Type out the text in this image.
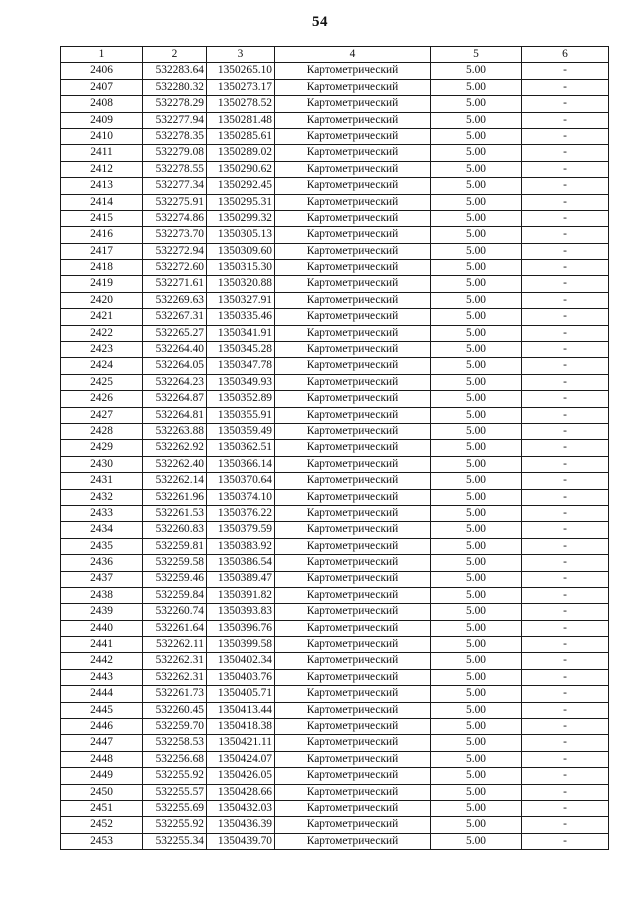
54
1	2	3	4	5	6
2406	532283.64	1350265.10	Картометрический	5.00	-
2407	532280.32	1350273.17	Картометрический	5.00	-
2408	532278.29	1350278.52	Картометрический	5.00	-
2409	532277.94	1350281.48	Картометрический	5.00	-
2410	532278.35	1350285.61	Картометрический	5.00	-
2411	532279.08	1350289.02	Картометрический	5.00	-
2412	532278.55	1350290.62	Картометрический	5.00	-
2413	532277.34	1350292.45	Картометрический	5.00	-
2414	532275.91	1350295.31	Картометрический	5.00	-
2415	532274.86	1350299.32	Картометрический	5.00	-
2416	532273.70	1350305.13	Картометрический	5.00	-
2417	532272.94	1350309.60	Картометрический	5.00	-
2418	532272.60	1350315.30	Картометрический	5.00	-
2419	532271.61	1350320.88	Картометрический	5.00	-
2420	532269.63	1350327.91	Картометрический	5.00	-
2421	532267.31	1350335.46	Картометрический	5.00	-
2422	532265.27	1350341.91	Картометрический	5.00	-
2423	532264.40	1350345.28	Картометрический	5.00	-
2424	532264.05	1350347.78	Картометрический	5.00	-
2425	532264.23	1350349.93	Картометрический	5.00	-
2426	532264.87	1350352.89	Картометрический	5.00	-
2427	532264.81	1350355.91	Картометрический	5.00	-
2428	532263.88	1350359.49	Картометрический	5.00	-
2429	532262.92	1350362.51	Картометрический	5.00	-
2430	532262.40	1350366.14	Картометрический	5.00	-
2431	532262.14	1350370.64	Картометрический	5.00	-
2432	532261.96	1350374.10	Картометрический	5.00	-
2433	532261.53	1350376.22	Картометрический	5.00	-
2434	532260.83	1350379.59	Картометрический	5.00	-
2435	532259.81	1350383.92	Картометрический	5.00	-
2436	532259.58	1350386.54	Картометрический	5.00	-
2437	532259.46	1350389.47	Картометрический	5.00	-
2438	532259.84	1350391.82	Картометрический	5.00	-
2439	532260.74	1350393.83	Картометрический	5.00	-
2440	532261.64	1350396.76	Картометрический	5.00	-
2441	532262.11	1350399.58	Картометрический	5.00	-
2442	532262.31	1350402.34	Картометрический	5.00	-
2443	532262.31	1350403.76	Картометрический	5.00	-
2444	532261.73	1350405.71	Картометрический	5.00	-
2445	532260.45	1350413.44	Картометрический	5.00	-
2446	532259.70	1350418.38	Картометрический	5.00	-
2447	532258.53	1350421.11	Картометрический	5.00	-
2448	532256.68	1350424.07	Картометрический	5.00	-
2449	532255.92	1350426.05	Картометрический	5.00	-
2450	532255.57	1350428.66	Картометрический	5.00	-
2451	532255.69	1350432.03	Картометрический	5.00	-
2452	532255.92	1350436.39	Картометрический	5.00	-
2453	532255.34	1350439.70	Картометрический	5.00	-
